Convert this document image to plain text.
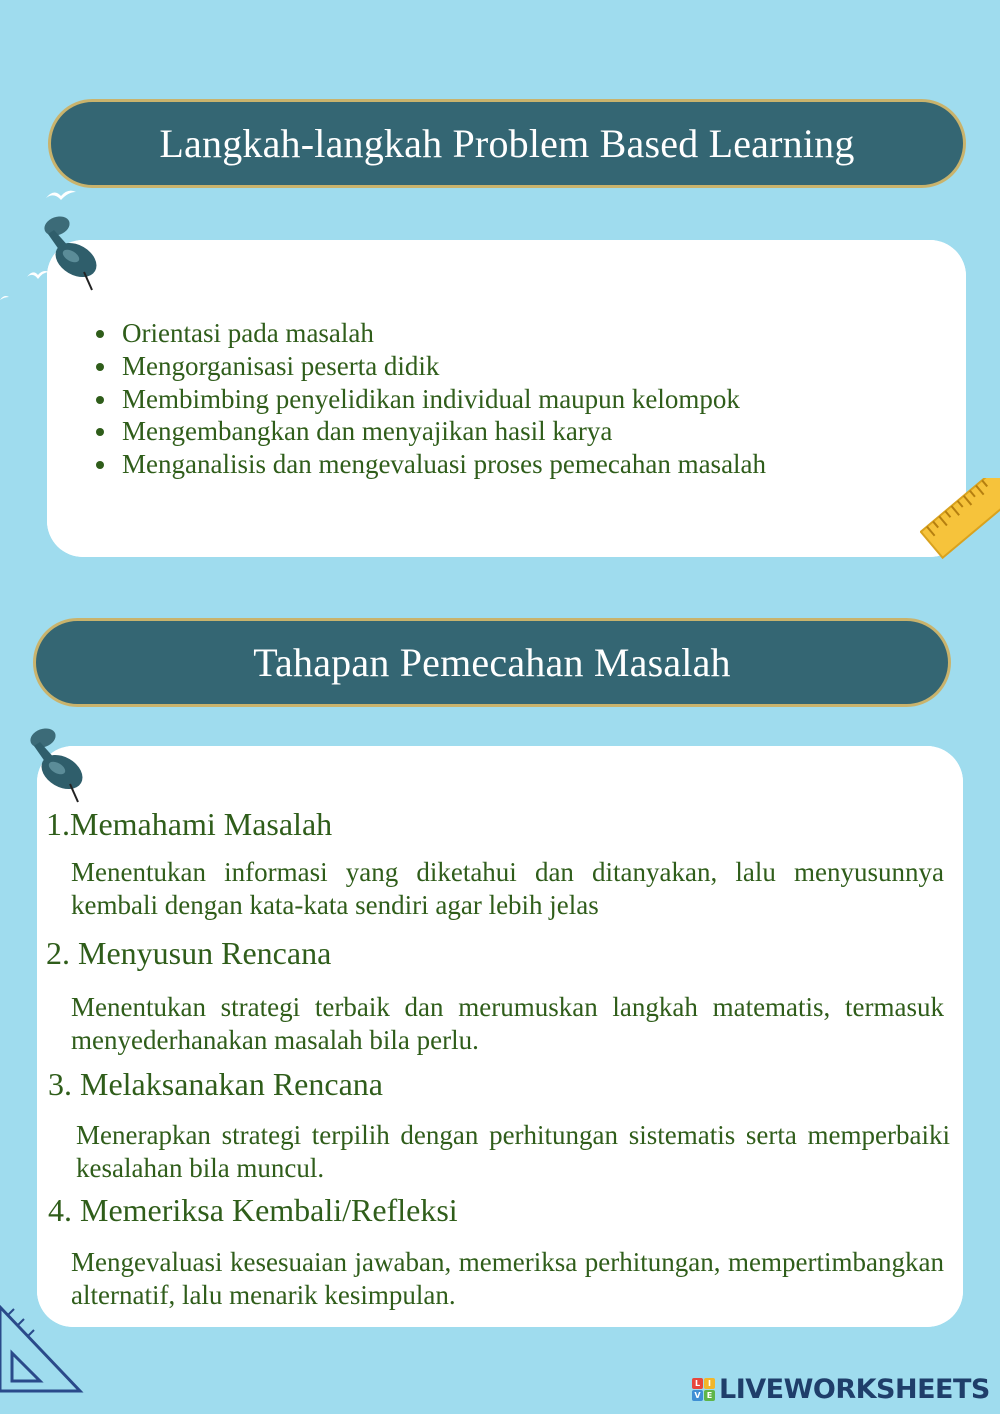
Langkah-langkah Problem Based Learning
Orientasi pada masalah
Mengorganisasi peserta didik
Membimbing penyelidikan individual maupun kelompok
Mengembangkan dan menyajikan hasil karya
Menganalisis dan mengevaluasi proses pemecahan masalah
Tahapan Pemecahan Masalah
1.Memahami Masalah
Menentukan informasi yang diketahui dan ditanyakan, lalu menyusunnya kembali dengan kata-kata sendiri agar lebih jelas
2. Menyusun Rencana
Menentukan strategi terbaik dan merumuskan langkah matematis, termasuk menyederhanakan masalah bila perlu.
3. Melaksanakan Rencana
Menerapkan strategi terpilih dengan perhitungan sistematis serta memperbaiki kesalahan bila muncul.
4. Memeriksa Kembali/Refleksi
Mengevaluasi kesesuaian jawaban, memeriksa perhitungan, mempertimbangkan alternatif, lalu menarik kesimpulan.
L I
V E LIVEWORKSHEETS
